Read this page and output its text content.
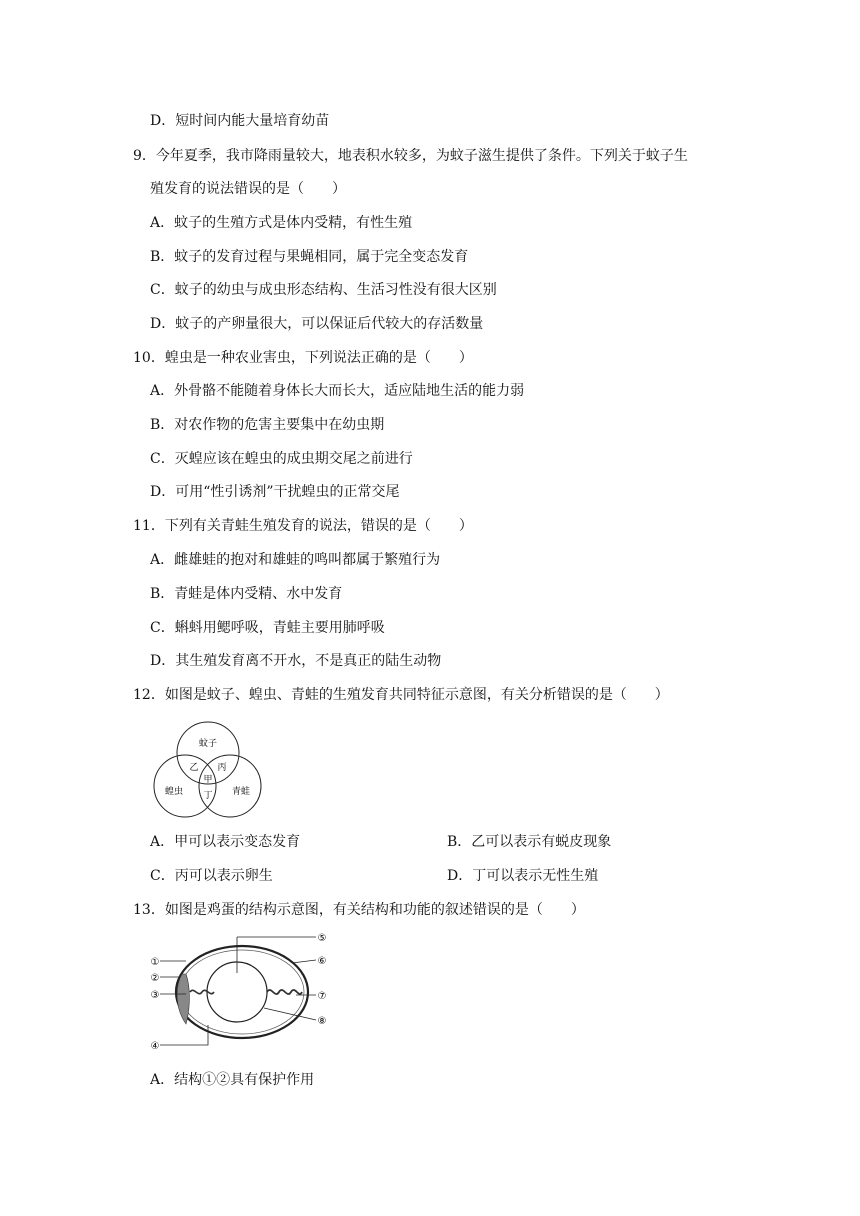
D．短时间内能大量培育幼苗
9．今年夏季，我市降雨量较大，地表积水较多，为蚊子滋生提供了条件。下列关于蚊子生
殖发育的说法错误的是（　　）
A．蚊子的生殖方式是体内受精，有性生殖
B．蚊子的发育过程与果蝇相同，属于完全变态发育
C．蚊子的幼虫与成虫形态结构、生活习性没有很大区别
D．蚊子的产卵量很大，可以保证后代较大的存活数量
10．蝗虫是一种农业害虫，下列说法正确的是（　　）
A．外骨骼不能随着身体长大而长大，适应陆地生活的能力弱
B．对农作物的危害主要集中在幼虫期
C．灭蝗应该在蝗虫的成虫期交尾之前进行
D．可用“性引诱剂”干扰蝗虫的正常交尾
11．下列有关青蛙生殖发育的说法，错误的是（　　）
A．雌雄蛙的抱对和雄蛙的鸣叫都属于繁殖行为
B．青蛙是体内受精、水中发育
C．蝌蚪用鳃呼吸，青蛙主要用肺呼吸
D．其生殖发育离不开水，不是真正的陆生动物
12．如图是蚊子、蝗虫、青蛙的生殖发育共同特征示意图，有关分析错误的是（　　）
蚊子
蝗虫	青蛙
乙 丙
甲
丁
A．甲可以表示变态发育	B．乙可以表示有蜕皮现象
C．丙可以表示卵生	D．丁可以表示无性生殖
13．如图是鸡蛋的结构示意图，有关结构和功能的叙述错误的是（　　）
①
②
③
④
⑤
⑥
⑦
⑧
A．结构①②具有保护作用
